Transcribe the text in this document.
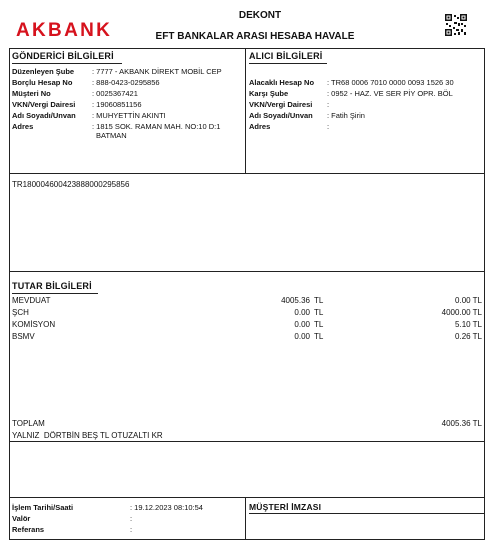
AKBANK
DEKONT
EFT BANKALAR ARASI HESABA HAVALE
GÖNDERİCİ BİLGİLERİ
Düzenleyen Şube	: 7777 - AKBANK DİREKT MOBİL CEP
Borçlu Hesap No	: 888-0423-0295856
Müşteri No	: 0025367421
VKN/Vergi Dairesi	: 19060851156
Adı Soyadı/Unvan	: MUHYETTİN AKINTI
Adres	: 1815 SOK. RAMAN MAH. NO:10 D:1
BATMAN
ALICI BİLGİLERİ
Alacaklı Hesap No	: TR68 0006 7010 0000 0093 1526 30
Karşı Şube	: 0952 - HAZ. VE SER PİY OPR. BÖL
VKN/Vergi Dairesi	:
Adı Soyadı/Unvan	: Fatih Şirin
Adres	:
TR180004600423888000295856
TUTAR BİLGİLERİ
MEVDUAT	4005.36 TL	0.00 TL
ŞCH	0.00 TL	4000.00 TL
KOMİSYON	0.00 TL	5.10 TL
BSMV	0.00 TL	0.26 TL
TOPLAM	4005.36 TL
YALNIZ  DÖRTBİN BEŞ TL OTUZALTI KR
İşlem Tarihi/Saati	: 19.12.2023 08:10:54
Valör	:
Referans	:
MÜŞTERİ İMZASI
